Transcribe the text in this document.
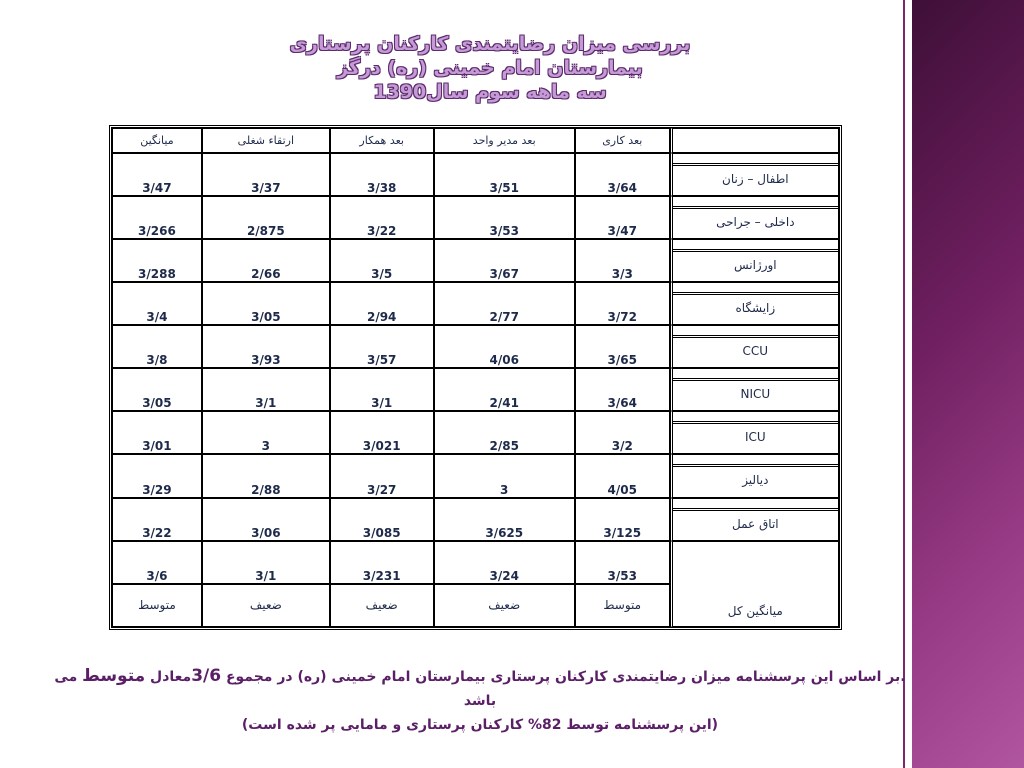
بررسی میزان رضایتمندی کارکنان پرستاری
بیمارستان امام خمینی (ره) درگز
سه ماهه سوم سال1390
میانگین	ارتقاء شغلی	بعد همکار	بعد مدیر واحد	بعد کاری	
3/47	3/37	3/38	3/51	3/64	اطفال – زنان

3/266	2/875	3/22	3/53	3/47	داخلی – جراحی

3/288	2/66	3/5	3/67	3/3	اورژانس

3/4	3/05	2/94	2/77	3/72	زایشگاه

3/8	3/93	3/57	4/06	3/65	CCU

3/05	3/1	3/1	2/41	3/64	NICU

3/01	3	3/021	2/85	3/2	ICU

3/29	2/88	3/27	3	4/05	دیالیز

3/22	3/06	3/085	3/625	3/125	اتاق عمل

3/6	3/1	3/231	3/24	3/53	میانگین کل
متوسط	ضعیف	ضعیف	ضعیف	متوسط	
.بر اساس این پرسشنامه میزان رضایتمندی کارکنان پرستاری بیمارستان امام خمینی (ره) در مجموع 3/6معادل متوسط می باشد
(این پرسشنامه توسط 82% کارکنان پرستاری و مامایی پر شده است)
